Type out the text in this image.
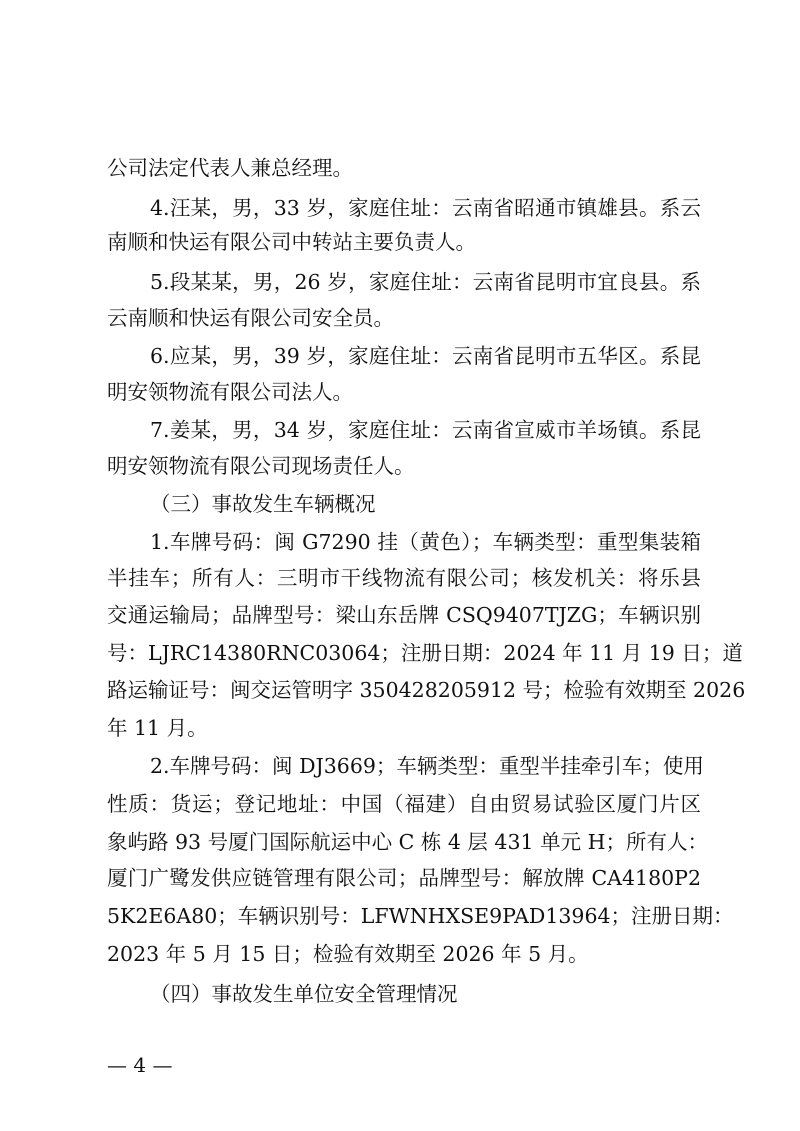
公司法定代表人兼总经理。
4.汪某，男，33 岁，家庭住址：云南省昭通市镇雄县。系云
南顺和快运有限公司中转站主要负责人。
5.段某某，男，26 岁，家庭住址：云南省昆明市宜良县。系
云南顺和快运有限公司安全员。
6.应某，男，39 岁，家庭住址：云南省昆明市五华区。系昆
明安领物流有限公司法人。
7.姜某，男，34 岁，家庭住址：云南省宣威市羊场镇。系昆
明安领物流有限公司现场责任人。
（三）事故发生车辆概况
1.车牌号码：闽 G7290 挂（黄色）；车辆类型：重型集装箱
半挂车；所有人：三明市干线物流有限公司；核发机关：将乐县
交通运输局；品牌型号：梁山东岳牌 CSQ9407TJZG；车辆识别
号：LJRC14380RNC03064；注册日期：2024 年 11 月 19 日；道
路运输证号：闽交运管明字 350428205912 号；检验有效期至 2026
年 11 月。
2.车牌号码：闽 DJ3669；车辆类型：重型半挂牵引车；使用
性质：货运；登记地址：中国（福建）自由贸易试验区厦门片区
象屿路 93 号厦门国际航运中心 C 栋 4 层 431 单元 H；所有人：
厦门广鹭发供应链管理有限公司；品牌型号：解放牌 CA4180P2
5K2E6A80；车辆识别号：LFWNHXSE9PAD13964；注册日期：
2023 年 5 月 15 日；检验有效期至 2026 年 5 月。
（四）事故发生单位安全管理情况
— 4 —
